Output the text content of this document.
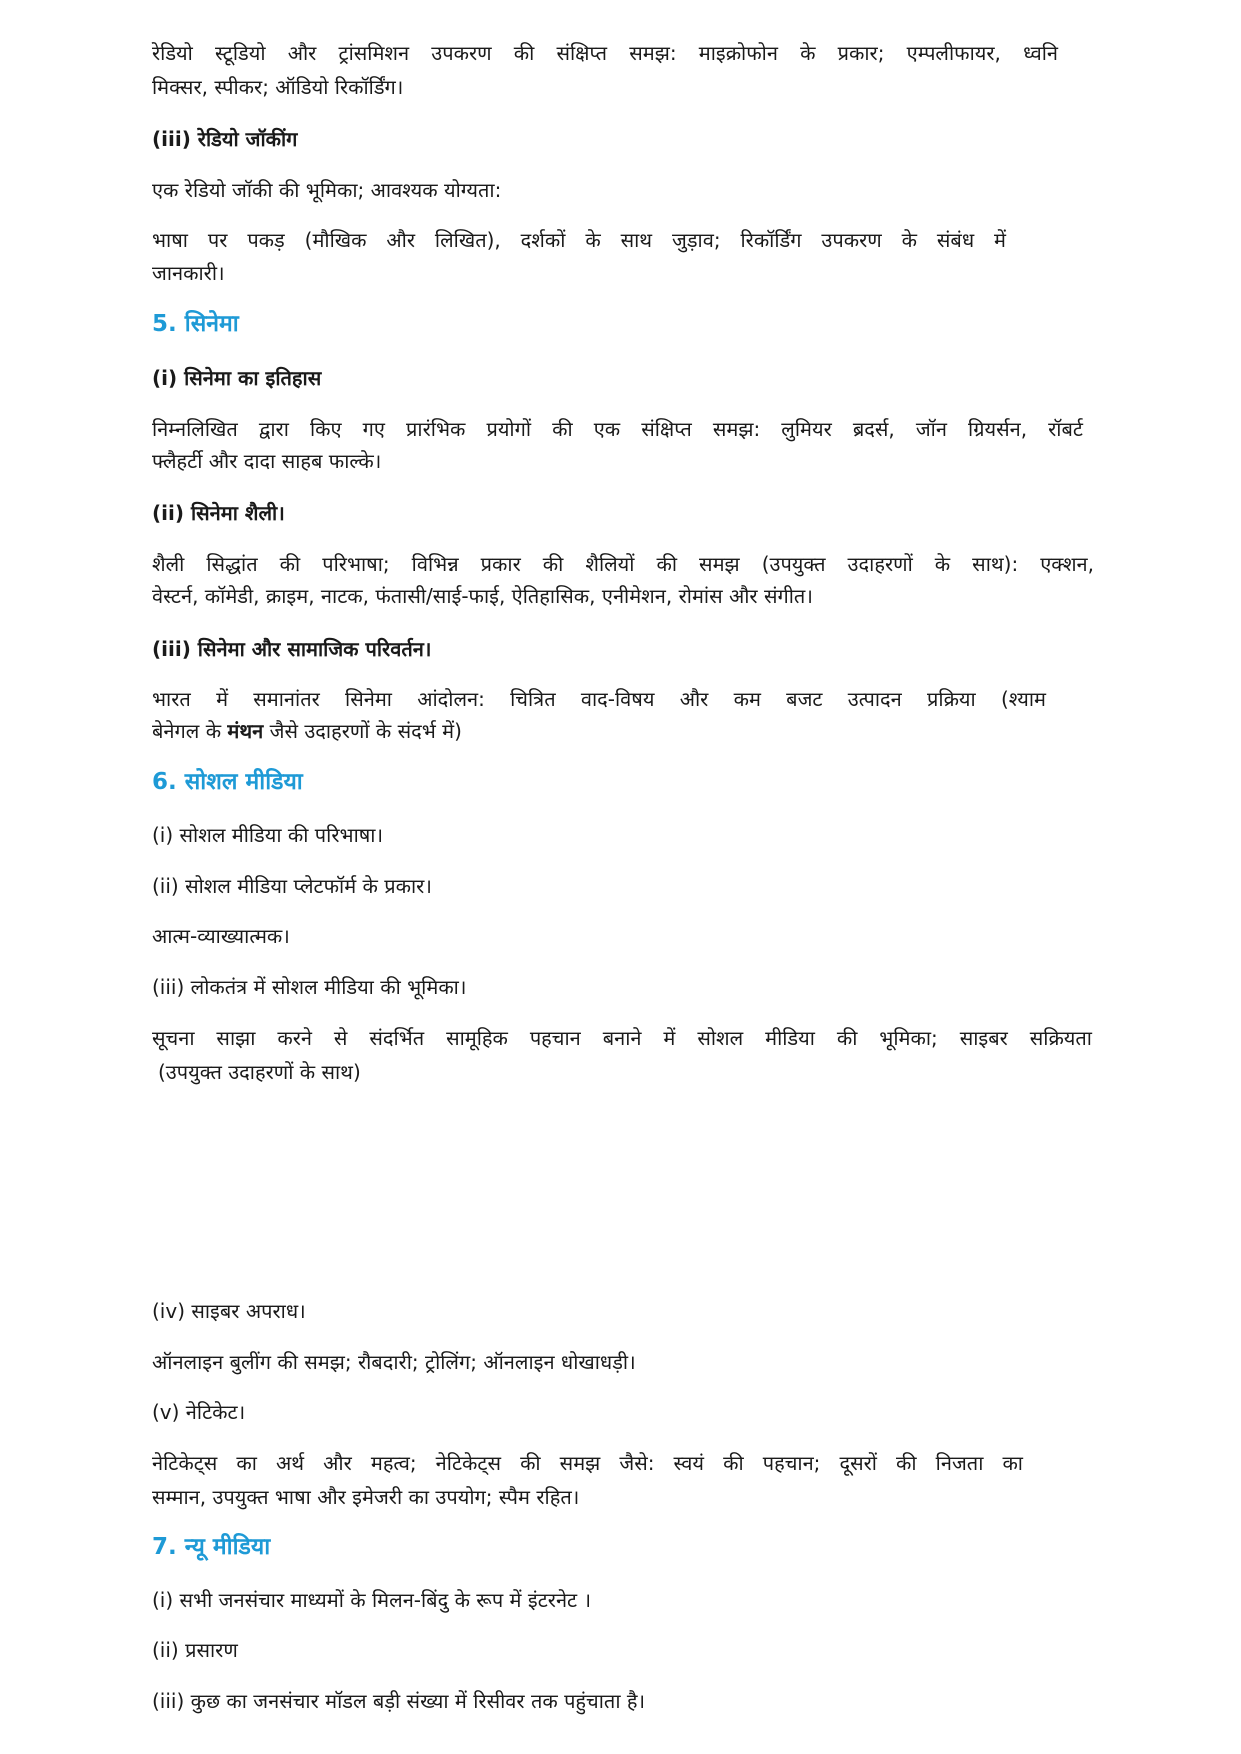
रेडियो स्टूडियो और ट्रांसमिशन उपकरण की संक्षिप्त समझ: माइक्रोफोन के प्रकार; एम्पलीफायर, ध्वनि
मिक्सर, स्पीकर; ऑडियो रिकॉर्डिंग।
(iii) रेडियो जॉकींग
एक रेडियो जॉकी की भूमिका; आवश्यक योग्यता:
भाषा पर पकड़ (मौखिक और लिखित), दर्शकों के साथ जुड़ाव; रिकॉर्डिंग उपकरण के संबंध में
जानकारी।
5. सिनेमा
(i) सिनेमा का इतिहास
निम्नलिखित द्वारा किए गए प्रारंभिक प्रयोगों की एक संक्षिप्त समझ: लुमियर ब्रदर्स, जॉन ग्रियर्सन, रॉबर्ट
फ्लैहर्टी और दादा साहब फाल्के।
(ii) सिनेमा शैली।
शैली सिद्धांत की परिभाषा; विभिन्न प्रकार की शैलियों की समझ (उपयुक्त उदाहरणों के साथ): एक्शन,
वेस्टर्न, कॉमेडी, क्राइम, नाटक, फंतासी/साई-फाई, ऐतिहासिक, एनीमेशन, रोमांस और संगीत।
(iii) सिनेमा और सामाजिक परिवर्तन।
भारत में समानांतर सिनेमा आंदोलन: चित्रित वाद-विषय और कम बजट उत्पादन प्रक्रिया (श्याम
बेनेगल के मंथन जैसे उदाहरणों के संदर्भ में)
6. सोशल मीडिया
(i) सोशल मीडिया की परिभाषा।
(ii) सोशल मीडिया प्लेटफॉर्म के प्रकार।
आत्म-व्याख्यात्मक।
(iii) लोकतंत्र में सोशल मीडिया की भूमिका।
सूचना साझा करने से संदर्भित सामूहिक पहचान बनाने में सोशल मीडिया की भूमिका; साइबर सक्रियता
(उपयुक्त उदाहरणों के साथ)
(iv) साइबर अपराध।
ऑनलाइन बुलींग की समझ; रौबदारी; ट्रोलिंग; ऑनलाइन धोखाधड़ी।
(v) नेटिकेट।
नेटिकेट्स का अर्थ और महत्व; नेटिकेट्स की समझ जैसे: स्वयं की पहचान; दूसरों की निजता का
सम्मान, उपयुक्त भाषा और इमेजरी का उपयोग; स्पैम रहित।
7. न्यू मीडिया
(i) सभी जनसंचार माध्यमों के मिलन-बिंदु के रूप में इंटरनेट ।
(ii) प्रसारण
(iii) कुछ का जनसंचार मॉडल बड़ी संख्या में रिसीवर तक पहुंचाता है।
